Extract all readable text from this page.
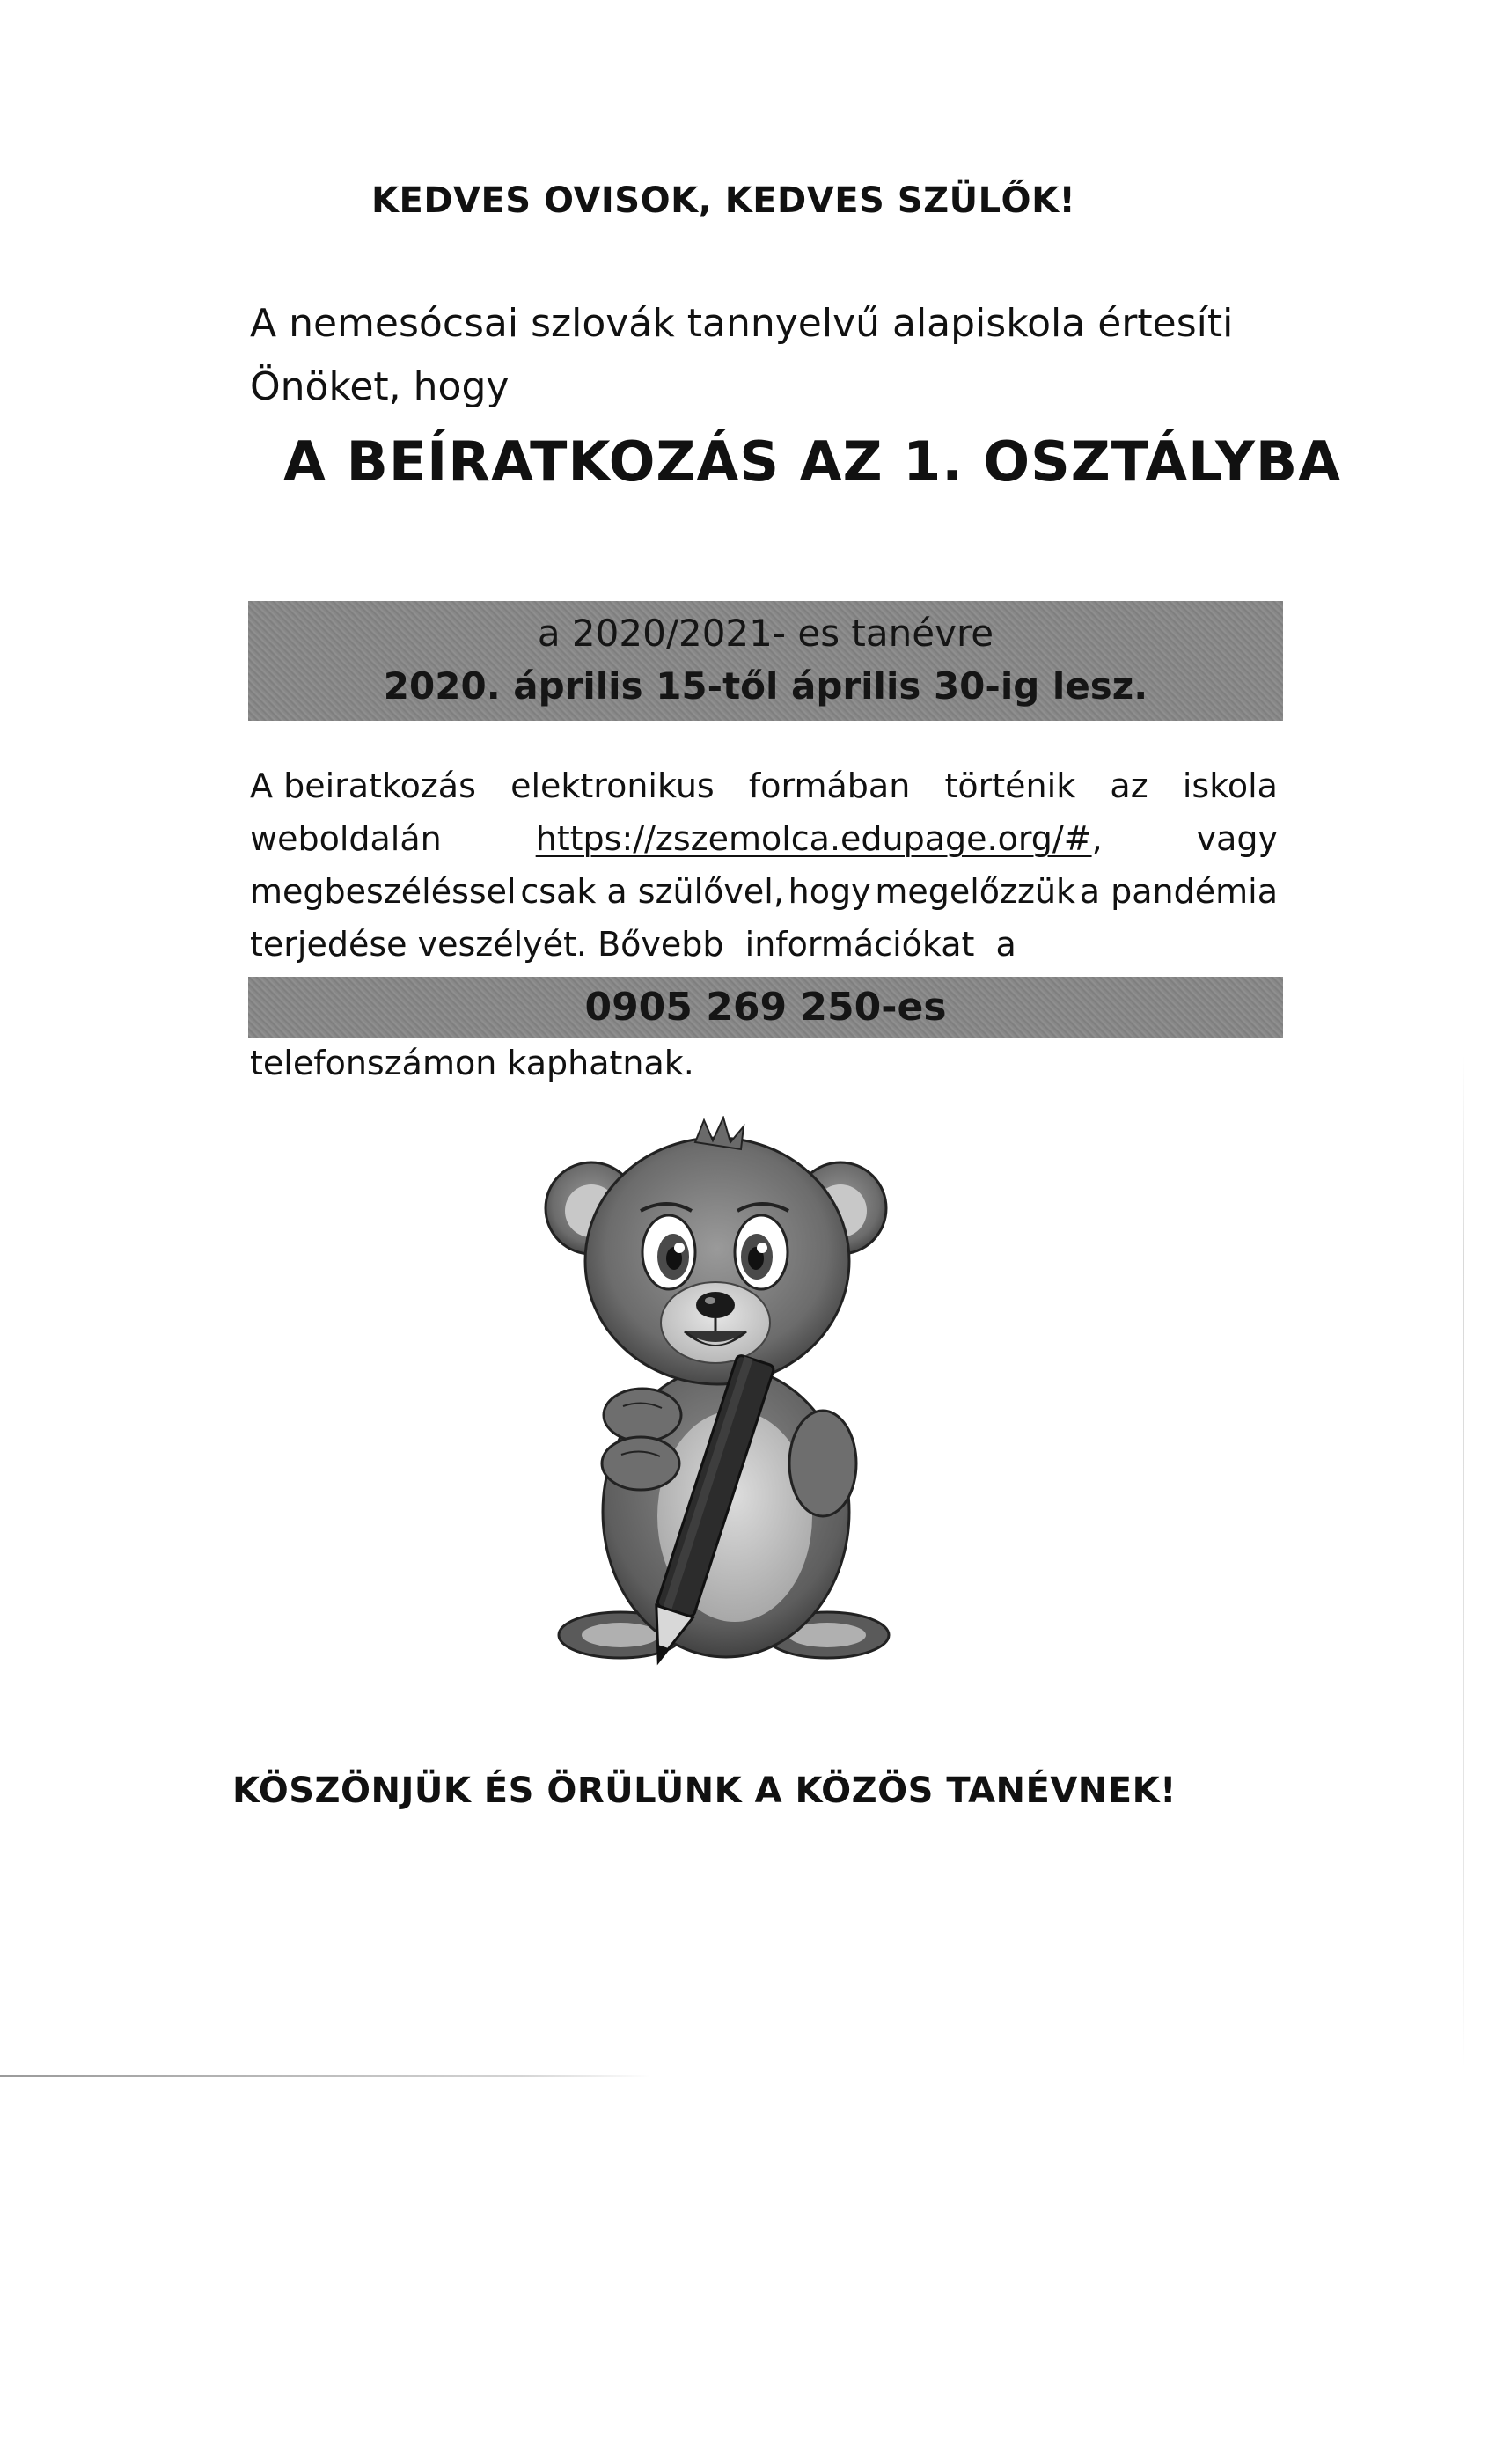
KEDVES OVISOK, KEDVES SZÜLŐK!
A nemesócsai szlovák tannyelvű alapiskola értesíti
Önöket, hogy
A BEÍRATKOZÁS AZ 1. OSZTÁLYBA
a 2020/2021- es tanévre
2020. április 15-től április 30-ig lesz.
A beiratkozás elektronikus formában történik az iskola
weboldalán	https://zszemolca.edupage.org/#,	vagy
megbeszéléssel csak a szülővel, hogy megelőzzük a pandémia
terjedése veszélyét. Bővebb  információkat  a
0905 269 250-es
telefonszámon kaphatnak.
KÖSZÖNJÜK ÉS ÖRÜLÜNK A KÖZÖS TANÉVNEK!
